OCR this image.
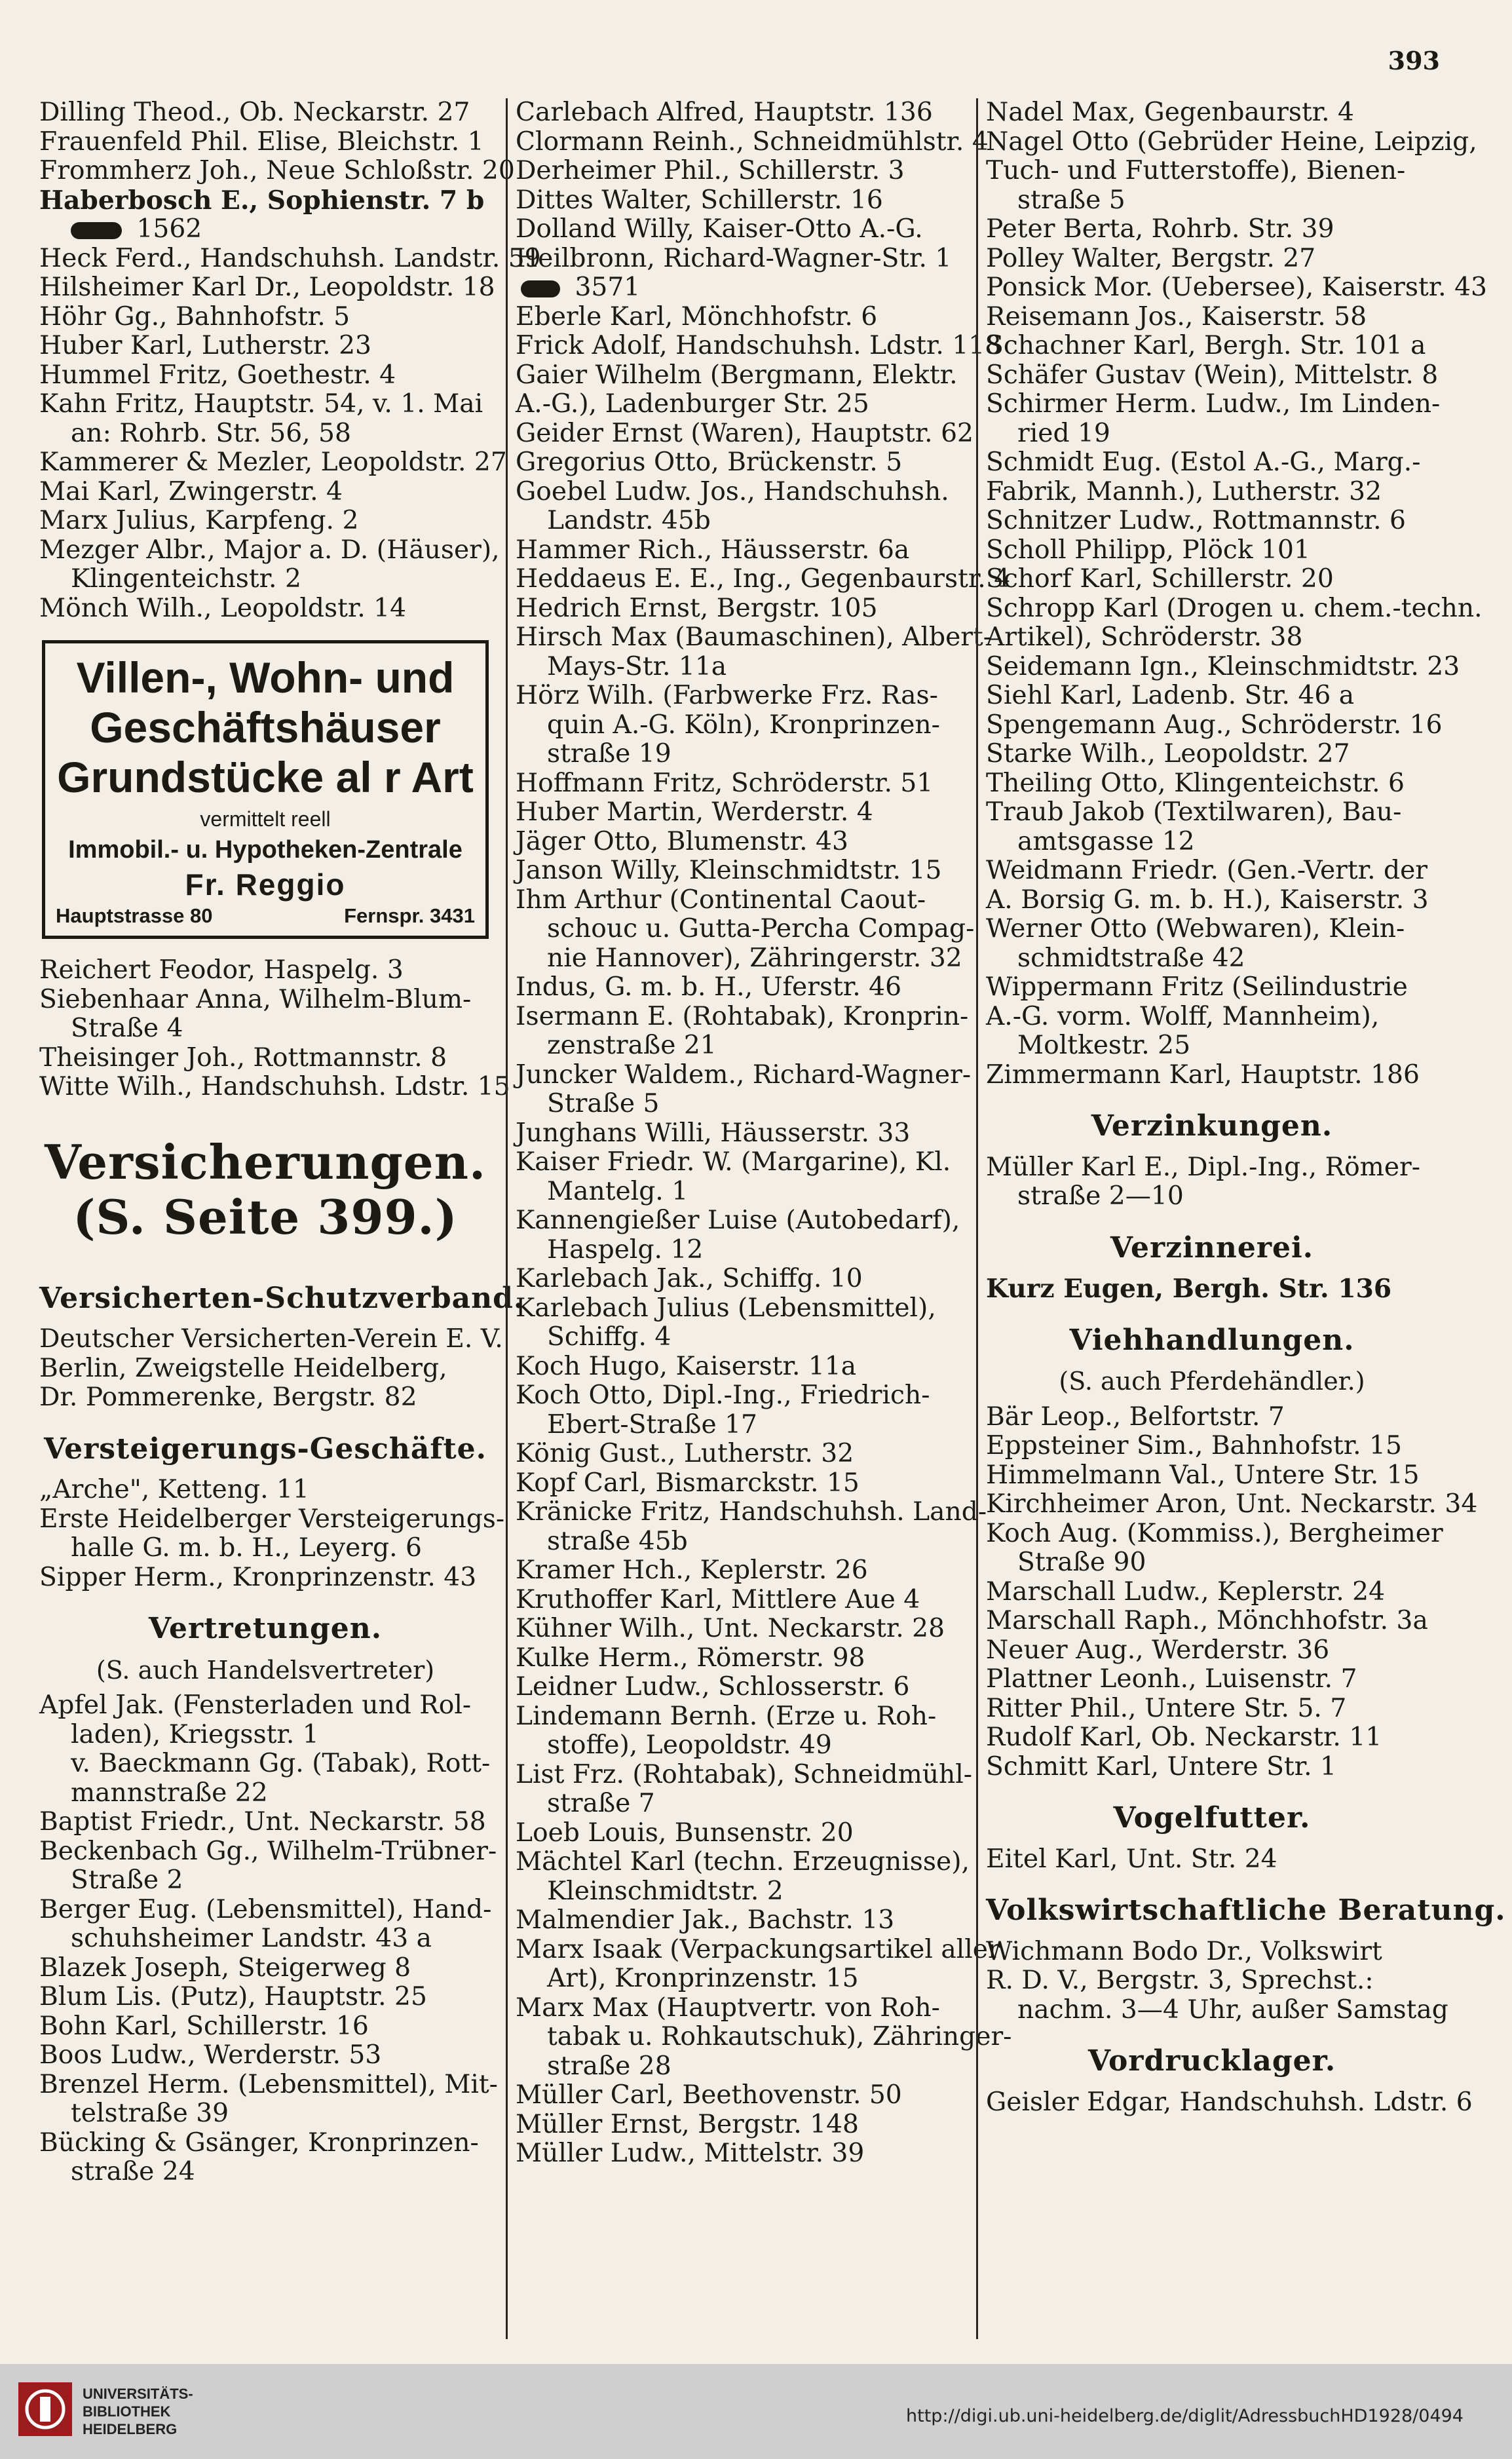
393
Dilling Theod., Ob. Neckarstr. 27
Frauenfeld Phil. Elise, Bleichstr. 1
Frommherz Joh., Neue Schloßstr. 20
Haberbosch E., Sophienstr. 7 b
1562
Heck Ferd., Handschuhsh. Landstr. 59
Hilsheimer Karl Dr., Leopoldstr. 18
Höhr Gg., Bahnhofstr. 5
Huber Karl, Lutherstr. 23
Hummel Fritz, Goethestr. 4
Kahn Fritz, Hauptstr. 54, v. 1. Mai
an: Rohrb. Str. 56, 58
Kammerer & Mezler, Leopoldstr. 27
Mai Karl, Zwingerstr. 4
Marx Julius, Karpfeng. 2
Mezger Albr., Major a. D. (Häuser),
Klingenteichstr. 2
Mönch Wilh., Leopoldstr. 14
Villen-, Wohn- und
Geschäftshäuser
Grundstücke al r Art
vermittelt reell
Immobil.- u. Hypotheken-Zentrale
Fr. Reggio
Hauptstrasse 80	Fernspr. 3431
Reichert Feodor, Haspelg. 3
Siebenhaar Anna, Wilhelm-Blum-
Straße 4
Theisinger Joh., Rottmannstr. 8
Witte Wilh., Handschuhsh. Ldstr. 15
Versicherungen.
(S. Seite 399.)
Versicherten-Schutzverband.
Deutscher Versicherten-Verein E. V.
Berlin, Zweigstelle Heidelberg,
Dr. Pommerenke, Bergstr. 82
Versteigerungs-Geschäfte.
„Arche", Ketteng. 11
Erste Heidelberger Versteigerungs-
halle G. m. b. H., Leyerg. 6
Sipper Herm., Kronprinzenstr. 43
Vertretungen.
(S. auch Handelsvertreter)
Apfel Jak. (Fensterladen und Rol-
laden), Kriegsstr. 1
v. Baeckmann Gg. (Tabak), Rott-
mannstraße 22
Baptist Friedr., Unt. Neckarstr. 58
Beckenbach Gg., Wilhelm-Trübner-
Straße 2
Berger Eug. (Lebensmittel), Hand-
schuhsheimer Landstr. 43 a
Blazek Joseph, Steigerweg 8
Blum Lis. (Putz), Hauptstr. 25
Bohn Karl, Schillerstr. 16
Boos Ludw., Werderstr. 53
Brenzel Herm. (Lebensmittel), Mit-
telstraße 39
Bücking & Gsänger, Kronprinzen-
straße 24
Carlebach Alfred, Hauptstr. 136
Clormann Reinh., Schneidmühlstr. 4
Derheimer Phil., Schillerstr. 3
Dittes Walter, Schillerstr. 16
Dolland Willy, Kaiser-Otto A.-G.
Heilbronn, Richard-Wagner-Str. 1
3571
Eberle Karl, Mönchhofstr. 6
Frick Adolf, Handschuhsh. Ldstr. 118
Gaier Wilhelm (Bergmann, Elektr.
A.-G.), Ladenburger Str. 25
Geider Ernst (Waren), Hauptstr. 62
Gregorius Otto, Brückenstr. 5
Goebel Ludw. Jos., Handschuhsh.
Landstr. 45b
Hammer Rich., Häusserstr. 6a
Heddaeus E. E., Ing., Gegenbaurstr. 4
Hedrich Ernst, Bergstr. 105
Hirsch Max (Baumaschinen), Albert-
Mays-Str. 11a
Hörz Wilh. (Farbwerke Frz. Ras-
quin A.-G. Köln), Kronprinzen-
straße 19
Hoffmann Fritz, Schröderstr. 51
Huber Martin, Werderstr. 4
Jäger Otto, Blumenstr. 43
Janson Willy, Kleinschmidtstr. 15
Ihm Arthur (Continental Caout-
schouc u. Gutta-Percha Compag-
nie Hannover), Zähringerstr. 32
Indus, G. m. b. H., Uferstr. 46
Isermann E. (Rohtabak), Kronprin-
zenstraße 21
Juncker Waldem., Richard-Wagner-
Straße 5
Junghans Willi, Häusserstr. 33
Kaiser Friedr. W. (Margarine), Kl.
Mantelg. 1
Kannengießer Luise (Autobedarf),
Haspelg. 12
Karlebach Jak., Schiffg. 10
Karlebach Julius (Lebensmittel),
Schiffg. 4
Koch Hugo, Kaiserstr. 11a
Koch Otto, Dipl.-Ing., Friedrich-
Ebert-Straße 17
König Gust., Lutherstr. 32
Kopf Carl, Bismarckstr. 15
Kränicke Fritz, Handschuhsh. Land-
straße 45b
Kramer Hch., Keplerstr. 26
Kruthoffer Karl, Mittlere Aue 4
Kühner Wilh., Unt. Neckarstr. 28
Kulke Herm., Römerstr. 98
Leidner Ludw., Schlosserstr. 6
Lindemann Bernh. (Erze u. Roh-
stoffe), Leopoldstr. 49
List Frz. (Rohtabak), Schneidmühl-
straße 7
Loeb Louis, Bunsenstr. 20
Mächtel Karl (techn. Erzeugnisse),
Kleinschmidtstr. 2
Malmendier Jak., Bachstr. 13
Marx Isaak (Verpackungsartikel aller
Art), Kronprinzenstr. 15
Marx Max (Hauptvertr. von Roh-
tabak u. Rohkautschuk), Zähringer-
straße 28
Müller Carl, Beethovenstr. 50
Müller Ernst, Bergstr. 148
Müller Ludw., Mittelstr. 39
Nadel Max, Gegenbaurstr. 4
Nagel Otto (Gebrüder Heine, Leipzig,
Tuch- und Futterstoffe), Bienen-
straße 5
Peter Berta, Rohrb. Str. 39
Polley Walter, Bergstr. 27
Ponsick Mor. (Uebersee), Kaiserstr. 43
Reisemann Jos., Kaiserstr. 58
Schachner Karl, Bergh. Str. 101 a
Schäfer Gustav (Wein), Mittelstr. 8
Schirmer Herm. Ludw., Im Linden-
ried 19
Schmidt Eug. (Estol A.-G., Marg.-
Fabrik, Mannh.), Lutherstr. 32
Schnitzer Ludw., Rottmannstr. 6
Scholl Philipp, Plöck 101
Schorf Karl, Schillerstr. 20
Schropp Karl (Drogen u. chem.-techn.
Artikel), Schröderstr. 38
Seidemann Ign., Kleinschmidtstr. 23
Siehl Karl, Ladenb. Str. 46 a
Spengemann Aug., Schröderstr. 16
Starke Wilh., Leopoldstr. 27
Theiling Otto, Klingenteichstr. 6
Traub Jakob (Textilwaren), Bau-
amtsgasse 12
Weidmann Friedr. (Gen.-Vertr. der
A. Borsig G. m. b. H.), Kaiserstr. 3
Werner Otto (Webwaren), Klein-
schmidtstraße 42
Wippermann Fritz (Seilindustrie
A.-G. vorm. Wolff, Mannheim),
Moltkestr. 25
Zimmermann Karl, Hauptstr. 186
Verzinkungen.
Müller Karl E., Dipl.-Ing., Römer-
straße 2—10
Verzinnerei.
Kurz Eugen, Bergh. Str. 136
Viehhandlungen.
(S. auch Pferdehändler.)
Bär Leop., Belfortstr. 7
Eppsteiner Sim., Bahnhofstr. 15
Himmelmann Val., Untere Str. 15
Kirchheimer Aron, Unt. Neckarstr. 34
Koch Aug. (Kommiss.), Bergheimer
Straße 90
Marschall Ludw., Keplerstr. 24
Marschall Raph., Mönchhofstr. 3a
Neuer Aug., Werderstr. 36
Plattner Leonh., Luisenstr. 7
Ritter Phil., Untere Str. 5. 7
Rudolf Karl, Ob. Neckarstr. 11
Schmitt Karl, Untere Str. 1
Vogelfutter.
Eitel Karl, Unt. Str. 24
Volkswirtschaftliche Beratung.
Wichmann Bodo Dr., Volkswirt
R. D. V., Bergstr. 3, Sprechst.:
nachm. 3—4 Uhr, außer Samstag
Vordrucklager.
Geisler Edgar, Handschuhsh. Ldstr. 6
UNIVERSITÄTS-
BIBLIOTHEK
HEIDELBERG
http://digi.ub.uni-heidelberg.de/diglit/AdressbuchHD1928/0494
